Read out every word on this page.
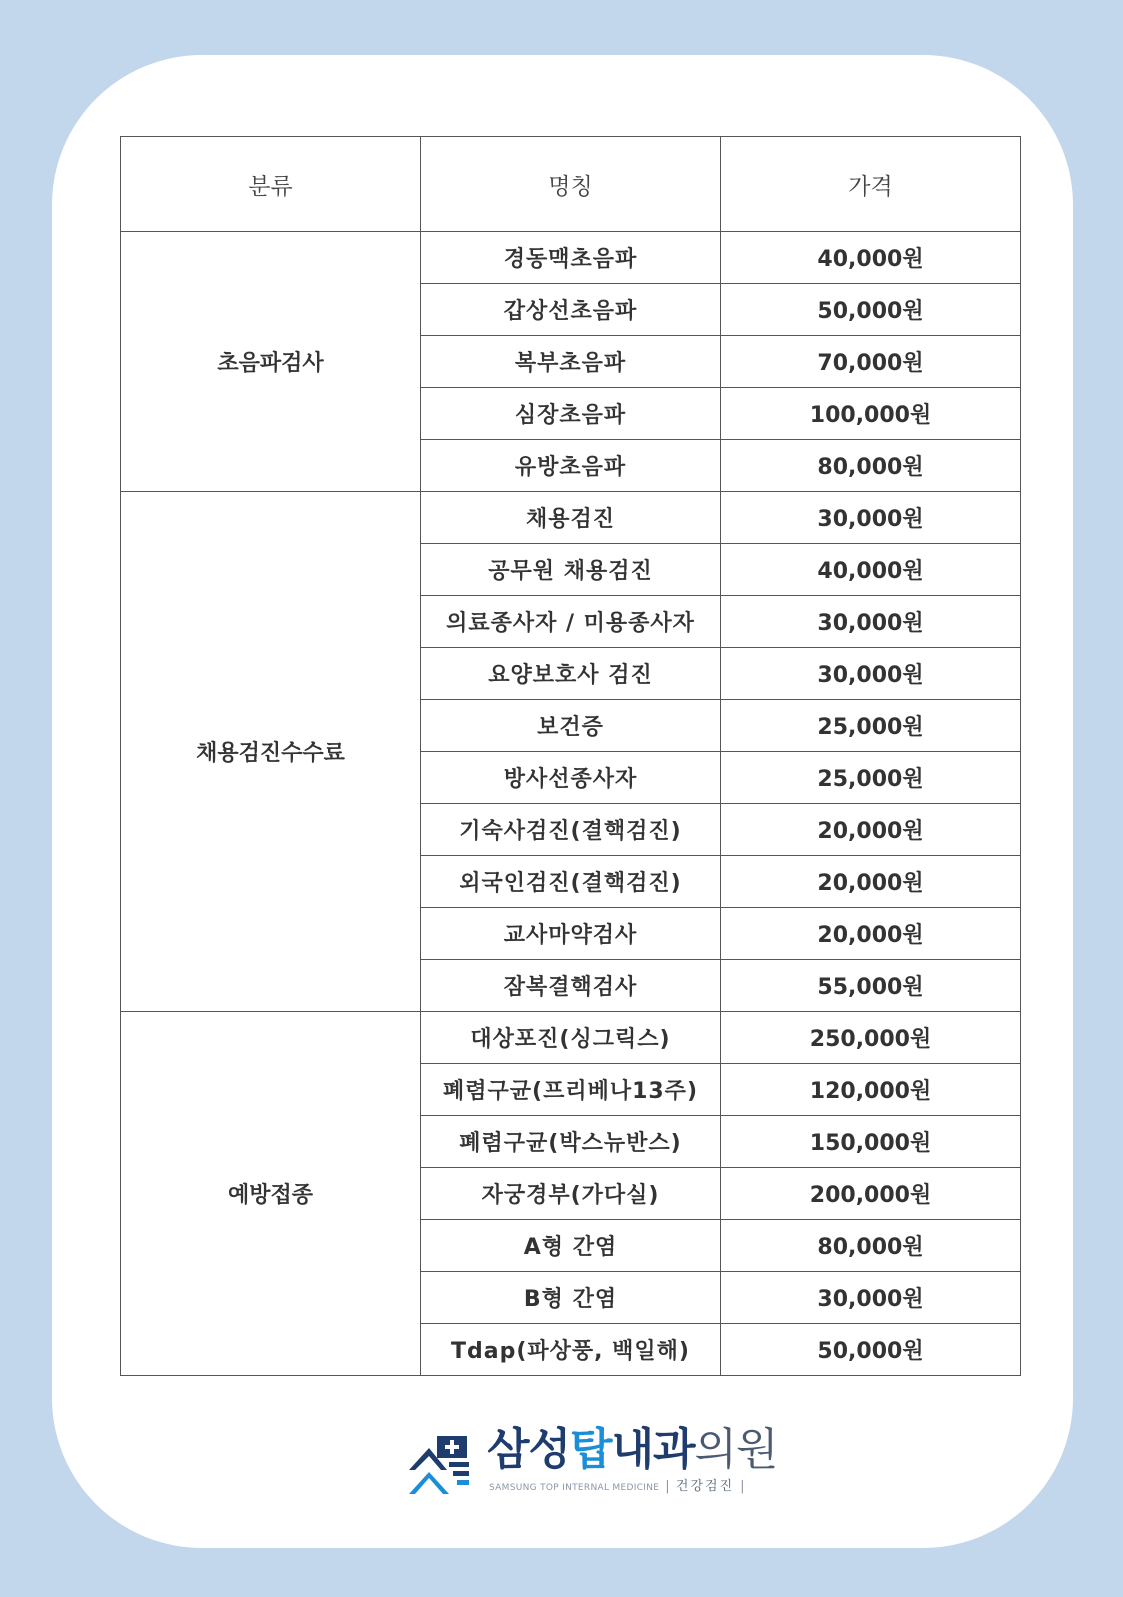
분류	명칭	가격
초음파검사	경동맥초음파	40,000원
	갑상선초음파	50,000원
	복부초음파	70,000원
	심장초음파	100,000원
	유방초음파	80,000원
채용검진수수료	채용검진	30,000원
	공무원 채용검진	40,000원
	의료종사자 / 미용종사자	30,000원
	요양보호사 검진	30,000원
	보건증	25,000원
	방사선종사자	25,000원
	기숙사검진(결핵검진)	20,000원
	외국인검진(결핵검진)	20,000원
	교사마약검사	20,000원
	잠복결핵검사	55,000원
예방접종	대상포진(싱그릭스)	250,000원
	폐렴구균(프리베나13주)	120,000원
	폐렴구균(박스뉴반스)	150,000원
	자궁경부(가다실)	200,000원
	A형 간염	80,000원
	B형 간염	30,000원
	Tdap(파상풍, 백일해)	50,000원
삼성탑내과의원
SAMSUNG TOP INTERNAL MEDICINE | 건강검진 |
